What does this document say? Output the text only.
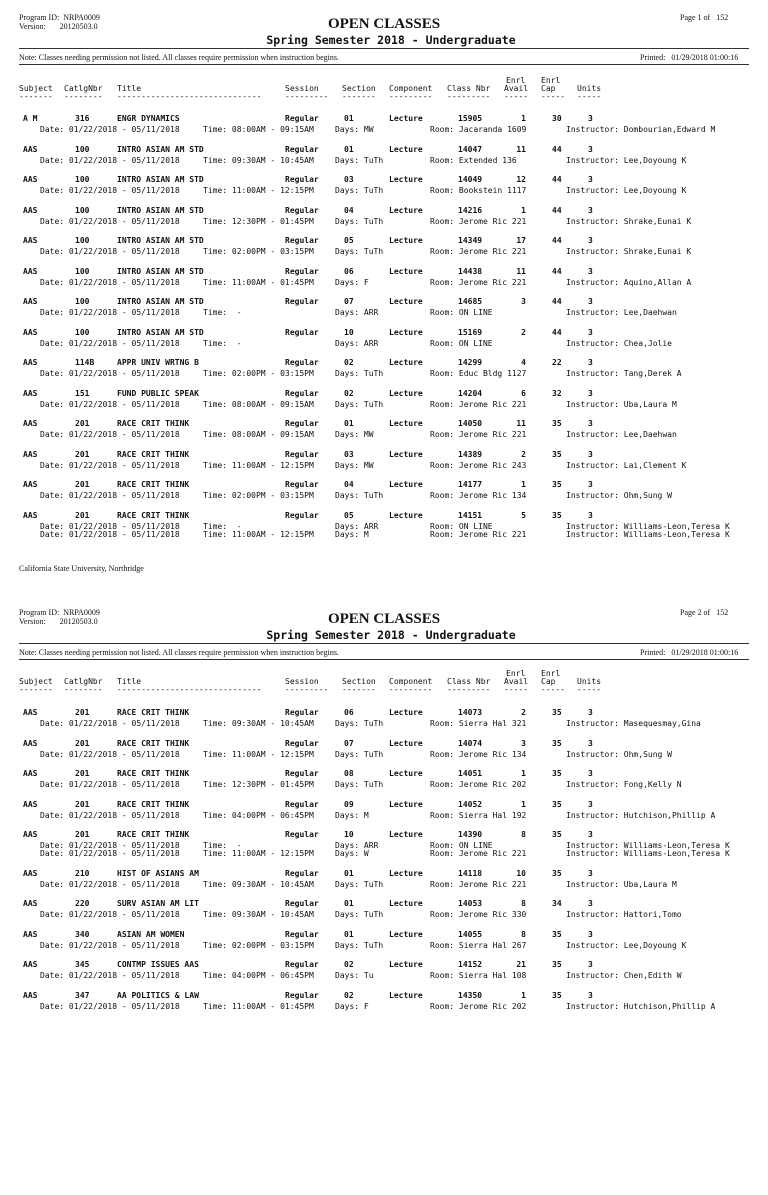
Program ID:  NRPA0009
Version:       20120503.0	OPEN CLASSES	Page 1 of   152
Spring Semester 2018 - Undergraduate
Note: Classes needing permission not listed. All classes require permission when instruction begins.	Printed:   01/29/2018 01:00:16
Enrl Enrl
Subject CatlgNbr Title	Session	Section Component Class Nbr Avail Cap	Units
------- -------- ------------------------------	--------- ------- --------- --------- ----- ----- -----
A M	316	ENGR DYNAMICS	Regular	01	Lecture	15905	1	30	3
Date: 01/22/2018 - 05/11/2018	Time: 08:00AM - 09:15AM	Days: MW	Room: Jacaranda 1609	Instructor: Dombourian,Edward M
AAS	100	INTRO ASIAN AM STD	Regular	01	Lecture	14047	11	44	3
Date: 01/22/2018 - 05/11/2018	Time: 09:30AM - 10:45AM	Days: TuTh	Room: Extended 136	Instructor: Lee,Doyoung K
AAS	100	INTRO ASIAN AM STD	Regular	03	Lecture	14049	12	44	3
Date: 01/22/2018 - 05/11/2018	Time: 11:00AM - 12:15PM	Days: TuTh	Room: Bookstein 1117	Instructor: Lee,Doyoung K
AAS	100	INTRO ASIAN AM STD	Regular	04	Lecture	14216	1	44	3
Date: 01/22/2018 - 05/11/2018	Time: 12:30PM - 01:45PM	Days: TuTh	Room: Jerome Ric 221	Instructor: Shrake,Eunai K
AAS	100	INTRO ASIAN AM STD	Regular	05	Lecture	14349	17	44	3
Date: 01/22/2018 - 05/11/2018	Time: 02:00PM - 03:15PM	Days: TuTh	Room: Jerome Ric 221	Instructor: Shrake,Eunai K
AAS	100	INTRO ASIAN AM STD	Regular	06	Lecture	14438	11	44	3
Date: 01/22/2018 - 05/11/2018	Time: 11:00AM - 01:45PM	Days: F	Room: Jerome Ric 221	Instructor: Aquino,Allan A
AAS	100	INTRO ASIAN AM STD	Regular	07	Lecture	14685	3	44	3
Date: 01/22/2018 - 05/11/2018	Time:  -	Days: ARR	Room: ON LINE	Instructor: Lee,Daehwan
AAS	100	INTRO ASIAN AM STD	Regular	10	Lecture	15169	2	44	3
Date: 01/22/2018 - 05/11/2018	Time:  -	Days: ARR	Room: ON LINE	Instructor: Chea,Jolie
AAS	114B	APPR UNIV WRTNG B	Regular	02	Lecture	14299	4	22	3
Date: 01/22/2018 - 05/11/2018	Time: 02:00PM - 03:15PM	Days: TuTh	Room: Educ Bldg 1127	Instructor: Tang,Derek A
AAS	151	FUND PUBLIC SPEAK	Regular	02	Lecture	14204	6	32	3
Date: 01/22/2018 - 05/11/2018	Time: 08:00AM - 09:15AM	Days: TuTh	Room: Jerome Ric 221	Instructor: Uba,Laura M
AAS	201	RACE CRIT THINK	Regular	01	Lecture	14050	11	35	3
Date: 01/22/2018 - 05/11/2018	Time: 08:00AM - 09:15AM	Days: MW	Room: Jerome Ric 221	Instructor: Lee,Daehwan
AAS	201	RACE CRIT THINK	Regular	03	Lecture	14389	2	35	3
Date: 01/22/2018 - 05/11/2018	Time: 11:00AM - 12:15PM	Days: MW	Room: Jerome Ric 243	Instructor: Lai,Clement K
AAS	201	RACE CRIT THINK	Regular	04	Lecture	14177	1	35	3
Date: 01/22/2018 - 05/11/2018	Time: 02:00PM - 03:15PM	Days: TuTh	Room: Jerome Ric 134	Instructor: Ohm,Sung W
AAS	201	RACE CRIT THINK	Regular	05	Lecture	14151	5	35	3
Date: 01/22/2018 - 05/11/2018	Time:  -	Days: ARR	Room: ON LINE	Instructor: Williams-Leon,Teresa K
Date: 01/22/2018 - 05/11/2018	Time: 11:00AM - 12:15PM	Days: M	Room: Jerome Ric 221	Instructor: Williams-Leon,Teresa K
California State University, Northridge
Program ID:  NRPA0009
Version:       20120503.0	OPEN CLASSES	Page 2 of   152
Spring Semester 2018 - Undergraduate
Note: Classes needing permission not listed. All classes require permission when instruction begins.	Printed:   01/29/2018 01:00:16
Enrl Enrl
Subject CatlgNbr Title	Session	Section Component Class Nbr Avail Cap	Units
------- -------- ------------------------------	--------- ------- --------- --------- ----- ----- -----
AAS	201	RACE CRIT THINK	Regular	06	Lecture	14073	2	35	3
Date: 01/22/2018 - 05/11/2018	Time: 09:30AM - 10:45AM	Days: TuTh	Room: Sierra Hal 321	Instructor: Masequesmay,Gina
AAS	201	RACE CRIT THINK	Regular	07	Lecture	14074	3	35	3
Date: 01/22/2018 - 05/11/2018	Time: 11:00AM - 12:15PM	Days: TuTh	Room: Jerome Ric 134	Instructor: Ohm,Sung W
AAS	201	RACE CRIT THINK	Regular	08	Lecture	14051	1	35	3
Date: 01/22/2018 - 05/11/2018	Time: 12:30PM - 01:45PM	Days: TuTh	Room: Jerome Ric 202	Instructor: Fong,Kelly N
AAS	201	RACE CRIT THINK	Regular	09	Lecture	14052	1	35	3
Date: 01/22/2018 - 05/11/2018	Time: 04:00PM - 06:45PM	Days: M	Room: Sierra Hal 192	Instructor: Hutchison,Phillip A
AAS	201	RACE CRIT THINK	Regular	10	Lecture	14390	8	35	3
Date: 01/22/2018 - 05/11/2018	Time:  -	Days: ARR	Room: ON LINE	Instructor: Williams-Leon,Teresa K
Date: 01/22/2018 - 05/11/2018	Time: 11:00AM - 12:15PM	Days: W	Room: Jerome Ric 221	Instructor: Williams-Leon,Teresa K
AAS	210	HIST OF ASIANS AM	Regular	01	Lecture	14118	10	35	3
Date: 01/22/2018 - 05/11/2018	Time: 09:30AM - 10:45AM	Days: TuTh	Room: Jerome Ric 221	Instructor: Uba,Laura M
AAS	220	SURV ASIAN AM LIT	Regular	01	Lecture	14053	8	34	3
Date: 01/22/2018 - 05/11/2018	Time: 09:30AM - 10:45AM	Days: TuTh	Room: Jerome Ric 330	Instructor: Hattori,Tomo
AAS	340	ASIAN AM WOMEN	Regular	01	Lecture	14055	8	35	3
Date: 01/22/2018 - 05/11/2018	Time: 02:00PM - 03:15PM	Days: TuTh	Room: Sierra Hal 267	Instructor: Lee,Doyoung K
AAS	345	CONTMP ISSUES AAS	Regular	02	Lecture	14152	21	35	3
Date: 01/22/2018 - 05/11/2018	Time: 04:00PM - 06:45PM	Days: Tu	Room: Sierra Hal 108	Instructor: Chen,Edith W
AAS	347	AA POLITICS & LAW	Regular	02	Lecture	14350	1	35	3
Date: 01/22/2018 - 05/11/2018	Time: 11:00AM - 01:45PM	Days: F	Room: Jerome Ric 202	Instructor: Hutchison,Phillip A
